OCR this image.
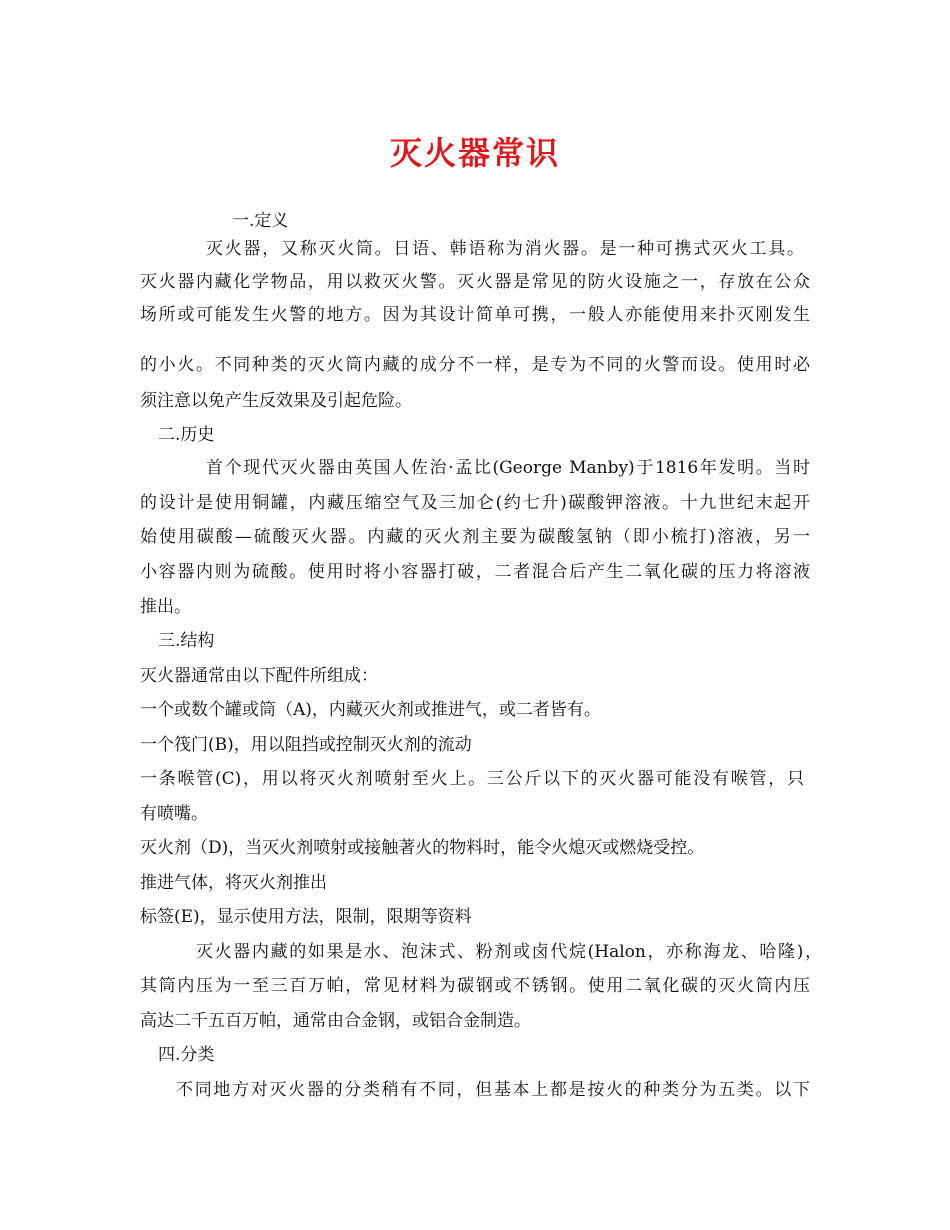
灭火器常识
一.定义
灭火器，又称灭火筒。日语、韩语称为消火器。是一种可携式灭火工具。
灭火器内藏化学物品，用以救灭火警。灭火器是常见的防火设施之一，存放在公众
场所或可能发生火警的地方。因为其设计简单可携，一般人亦能使用来扑灭刚发生
的小火。不同种类的灭火筒内藏的成分不一样，是专为不同的火警而设。使用时必
须注意以免产生反效果及引起危险。
二.历史
首个现代灭火器由英国人佐治·孟比(George Manby)于1816年发明。当时
的设计是使用铜罐，内藏压缩空气及三加仑(约七升)碳酸钾溶液。十九世纪末起开
始使用碳酸—硫酸灭火器。内藏的灭火剂主要为碳酸氢钠（即小梳打)溶液，另一
小容器内则为硫酸。使用时将小容器打破，二者混合后产生二氧化碳的压力将溶液
推出。
三.结构
灭火器通常由以下配件所组成：
一个或数个罐或筒（A)，内藏灭火剂或推进气，或二者皆有。
一个筏门(B)，用以阻挡或控制灭火剂的流动
一条喉管(C)，用以将灭火剂喷射至火上。三公斤以下的灭火器可能没有喉管，只
有喷嘴。
灭火剂（D)，当灭火剂喷射或接触著火的物料时，能令火熄灭或燃烧受控。
推进气体，将灭火剂推出
标签(E)，显示使用方法，限制，限期等资料
灭火器内藏的如果是水、泡沫式、粉剂或卤代烷(Halon，亦称海龙、哈隆)，
其筒内压为一至三百万帕，常见材料为碳钢或不锈钢。使用二氧化碳的灭火筒内压
高达二千五百万帕，通常由合金钢，或铝合金制造。
四.分类
不同地方对灭火器的分类稍有不同，但基本上都是按火的种类分为五类。以下
